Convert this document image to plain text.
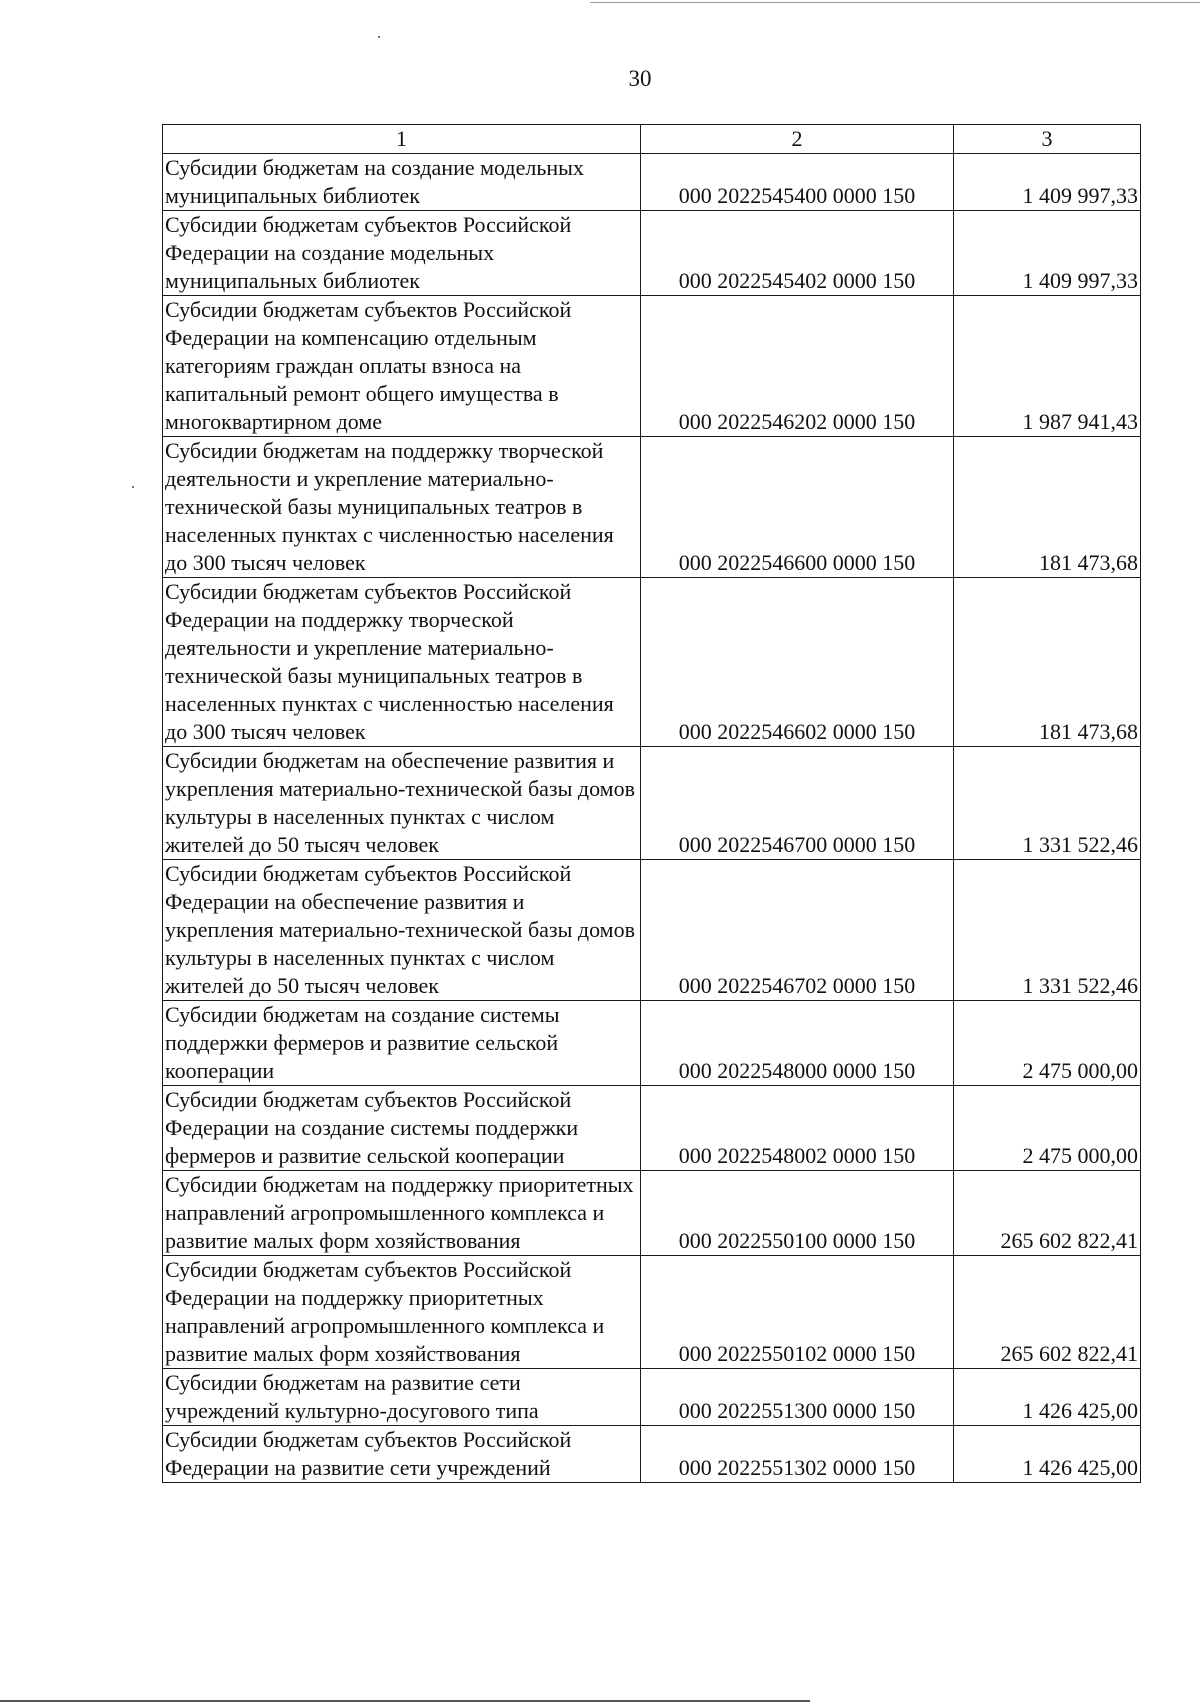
30
1	2	3
Субсидии бюджетам на создание модельных муниципальных библиотек	000 2022545400 0000 150	1 409 997,33
Субсидии бюджетам субъектов Российской Федерации на создание модельных муниципальных библиотек	000 2022545402 0000 150	1 409 997,33
Субсидии бюджетам субъектов Российской Федерации на компенсацию отдельным категориям граждан оплаты взноса на капитальный ремонт общего имущества в многоквартирном доме	000 2022546202 0000 150	1 987 941,43
Субсидии бюджетам на поддержку творческой деятельности и укрепление материально-технической базы муниципальных театров в населенных пунктах с численностью населения до 300 тысяч человек	000 2022546600 0000 150	181 473,68
Субсидии бюджетам субъектов Российской Федерации на поддержку творческой деятельности и укрепление материально-технической базы муниципальных театров в населенных пунктах с численностью населения до 300 тысяч человек	000 2022546602 0000 150	181 473,68
Субсидии бюджетам на обеспечение развития и укрепления материально-технической базы домов культуры в населенных пунктах с числом жителей до 50 тысяч человек	000 2022546700 0000 150	1 331 522,46
Субсидии бюджетам субъектов Российской Федерации на обеспечение развития и укрепления материально-технической базы домов культуры в населенных пунктах с числом жителей до 50 тысяч человек	000 2022546702 0000 150	1 331 522,46
Субсидии бюджетам на создание системы поддержки фермеров и развитие сельской кооперации	000 2022548000 0000 150	2 475 000,00
Субсидии бюджетам субъектов Российской Федерации на создание системы поддержки фермеров и развитие сельской кооперации	000 2022548002 0000 150	2 475 000,00
Субсидии бюджетам на поддержку приоритетных направлений агропромышленного комплекса и развитие малых форм хозяйствования	000 2022550100 0000 150	265 602 822,41
Субсидии бюджетам субъектов Российской Федерации на поддержку приоритетных направлений агропромышленного комплекса и развитие малых форм хозяйствования	000 2022550102 0000 150	265 602 822,41
Субсидии бюджетам на развитие сети учреждений культурно-досугового типа	000 2022551300 0000 150	1 426 425,00
Субсидии бюджетам субъектов Российской Федерации на развитие сети учреждений	000 2022551302 0000 150	1 426 425,00
